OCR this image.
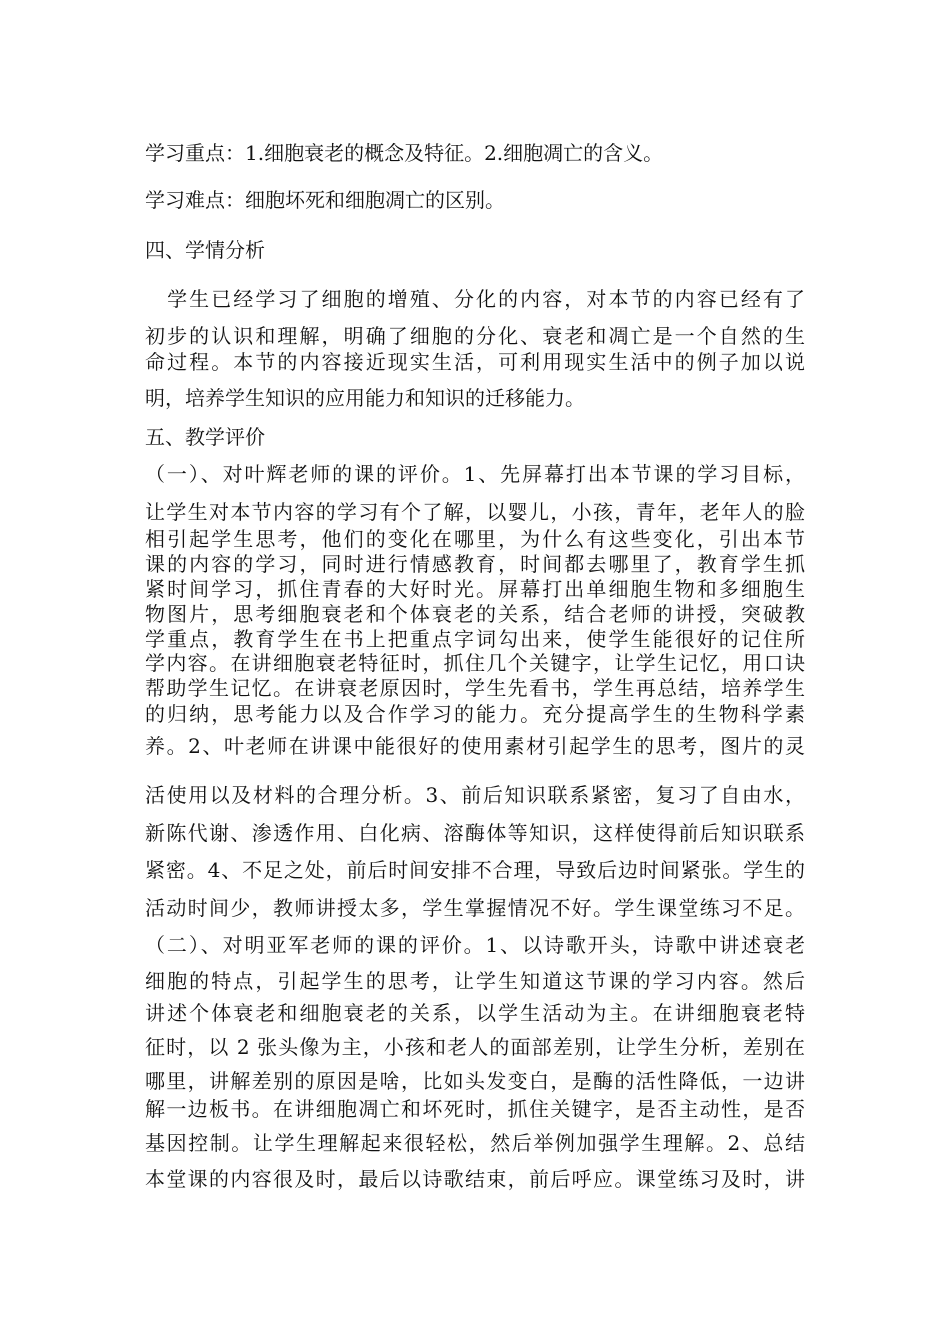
学习重点：1.细胞衰老的概念及特征。2.细胞凋亡的含义。
学习难点：细胞坏死和细胞凋亡的区别。
四、学情分析
　学生已经学习了细胞的增殖、分化的内容，对本节的内容已经有了
初步的认识和理解，明确了细胞的分化、衰老和凋亡是一个自然的生
命过程。本节的内容接近现实生活，可利用现实生活中的例子加以说
明，培养学生知识的应用能力和知识的迁移能力。
五、教学评价
（一）、对叶辉老师的课的评价。1、先屏幕打出本节课的学习目标，
让学生对本节内容的学习有个了解，以婴儿，小孩，青年，老年人的脸
相引起学生思考，他们的变化在哪里，为什么有这些变化，引出本节
课的内容的学习，同时进行情感教育，时间都去哪里了，教育学生抓
紧时间学习，抓住青春的大好时光。屏幕打出单细胞生物和多细胞生
物图片，思考细胞衰老和个体衰老的关系，结合老师的讲授，突破教
学重点，教育学生在书上把重点字词勾出来，使学生能很好的记住所
学内容。在讲细胞衰老特征时，抓住几个关键字，让学生记忆，用口诀
帮助学生记忆。在讲衰老原因时，学生先看书，学生再总结，培养学生
的归纳，思考能力以及合作学习的能力。充分提高学生的生物科学素
养。2、叶老师在讲课中能很好的使用素材引起学生的思考，图片的灵
活使用以及材料的合理分析。3、前后知识联系紧密，复习了自由水，
新陈代谢、渗透作用、白化病、溶酶体等知识，这样使得前后知识联系
紧密。4、不足之处，前后时间安排不合理，导致后边时间紧张。学生的
活动时间少，教师讲授太多，学生掌握情况不好。学生课堂练习不足。
（二）、对明亚军老师的课的评价。1、以诗歌开头，诗歌中讲述衰老
细胞的特点，引起学生的思考，让学生知道这节课的学习内容。然后
讲述个体衰老和细胞衰老的关系，以学生活动为主。在讲细胞衰老特
征时，以 2 张头像为主，小孩和老人的面部差别，让学生分析，差别在
哪里，讲解差别的原因是啥，比如头发变白，是酶的活性降低，一边讲
解一边板书。在讲细胞凋亡和坏死时，抓住关键字，是否主动性，是否
基因控制。让学生理解起来很轻松，然后举例加强学生理解。2、总结
本堂课的内容很及时，最后以诗歌结束，前后呼应。课堂练习及时，讲
